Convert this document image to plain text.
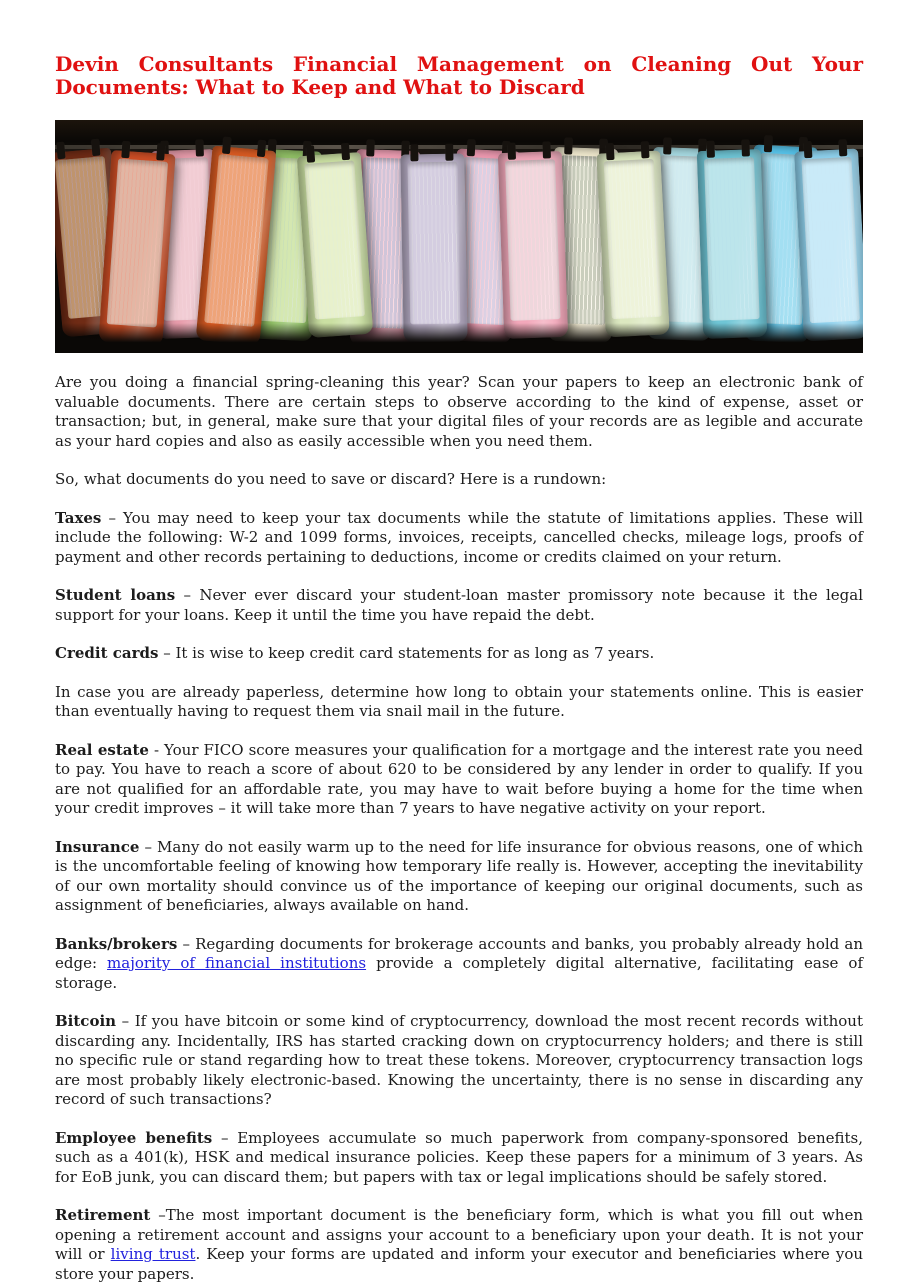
Devin Consultants Financial Management on Cleaning Out Your
Documents: What to Keep and What to Discard

Are you doing a financial spring-cleaning this year? Scan your papers to keep an electronic bank of valuable documents. There are certain steps to observe according to the kind of expense, asset or transaction; but, in general, make sure that your digital files of your records are as legible and accurate as your hard copies and also as easily accessible when you need them.

So, what documents do you need to save or discard? Here is a rundown:

Taxes – You may need to keep your tax documents while the statute of limitations applies. These will include the following: W-2 and 1099 forms, invoices, receipts, cancelled checks, mileage logs, proofs of payment and other records pertaining to deductions, income or credits claimed on your return.

Student loans – Never ever discard your student-loan master promissory note because it the legal support for your loans. Keep it until the time you have repaid the debt.

Credit cards – It is wise to keep credit card statements for as long as 7 years.

In case you are already paperless, determine how long to obtain your statements online. This is easier than eventually having to request them via snail mail in the future.

Real estate - Your FICO score measures your qualification for a mortgage and the interest rate you need to pay. You have to reach a score of about 620 to be considered by any lender in order to qualify. If you are not qualified for an affordable rate, you may have to wait before buying a home for the time when your credit improves – it will take more than 7 years to have negative activity on your report.

Insurance – Many do not easily warm up to the need for life insurance for obvious reasons, one of which is the uncomfortable feeling of knowing how temporary life really is. However, accepting the inevitability of our own mortality should convince us of the importance of keeping our original documents, such as assignment of beneficiaries, always available on hand.

Banks/brokers – Regarding documents for brokerage accounts and banks, you probably already hold an edge: majority of financial institutions provide a completely digital alternative, facilitating ease of storage.

Bitcoin – If you have bitcoin or some kind of cryptocurrency, download the most recent records without discarding any. Incidentally, IRS has started cracking down on cryptocurrency holders; and there is still no specific rule or stand regarding how to treat these tokens. Moreover, cryptocurrency transaction logs are most probably likely electronic-based. Knowing the uncertainty, there is no sense in discarding any record of such transactions?

Employee benefits – Employees accumulate so much paperwork from company-sponsored benefits, such as a 401(k), HSK and medical insurance policies. Keep these papers for a minimum of 3 years. As for EoB junk, you can discard them; but papers with tax or legal implications should be safely stored.

Retirement –The most important document is the beneficiary form, which is what you fill out when opening a retirement account and assigns your account to a beneficiary upon your death. It is not your will or living trust. Keep your forms are updated and inform your executor and beneficiaries where you store your papers.
